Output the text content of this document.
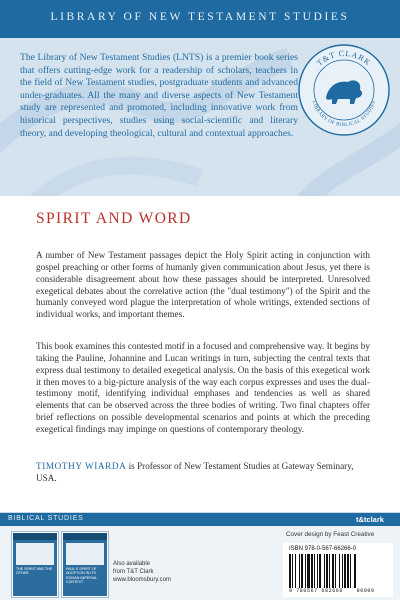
LIBRARY OF NEW TESTAMENT STUDIES
The Library of New Testament Studies (LNTS) is a premier book series that offers cutting-edge work for a readership of scholars, teachers in the field of New Testament studies, postgraduate students and advanced under-graduates. All the many and diverse aspects of New Testament study are represented and promoted, including innovative work from historical perspectives, studies using social-scientific and literary theory, and developing theological, cultural and contextual approaches.
T&T CLARK
LIBRARY OF BIBLICAL STUDIES
SPIRIT AND WORD

A number of New Testament passages depict the Holy Spirit acting in conjunction with gospel preaching or other forms of humanly given communication about Jesus, yet there is considerable disagreement about how these passages should be interpreted. Unresolved exegetical debates about the correlative action (the "dual testimony") of the Spirit and the humanly conveyed word plague the interpretation of whole writings, extended sections of individual works, and important themes.

This book examines this contested motif in a focused and comprehensive way. It begins by taking the Pauline, Johannine and Lucan writings in turn, subjecting the central texts that express dual testimony to detailed exegetical analysis. On the basis of this exegetical work it then moves to a big-picture analysis of the way each corpus expresses and uses the dual-testimony motif, identifying individual emphases and tendencies as well as shared elements that can be observed across the three bodies of writing. Two final chapters offer brief reflections on possible developmental scenarios and points at which the preceding exegetical findings may impinge on questions of contemporary theology.

TIMOTHY WIARDA is Professor of New Testament Studies at Gateway Seminary, USA.
BIBLICAL STUDIES	t&tclark
THE SPIRIT AND THE OTHER
PAUL'S SPIRIT OF ADOPTION IN ITS ROMAN IMPERIAL CONTEXT
Also available
from T&T Clark
www.bloomsbury.com
Cover design by Feast Creative
ISBN 978-0-567-66266-0
9 780567 682666	90000
